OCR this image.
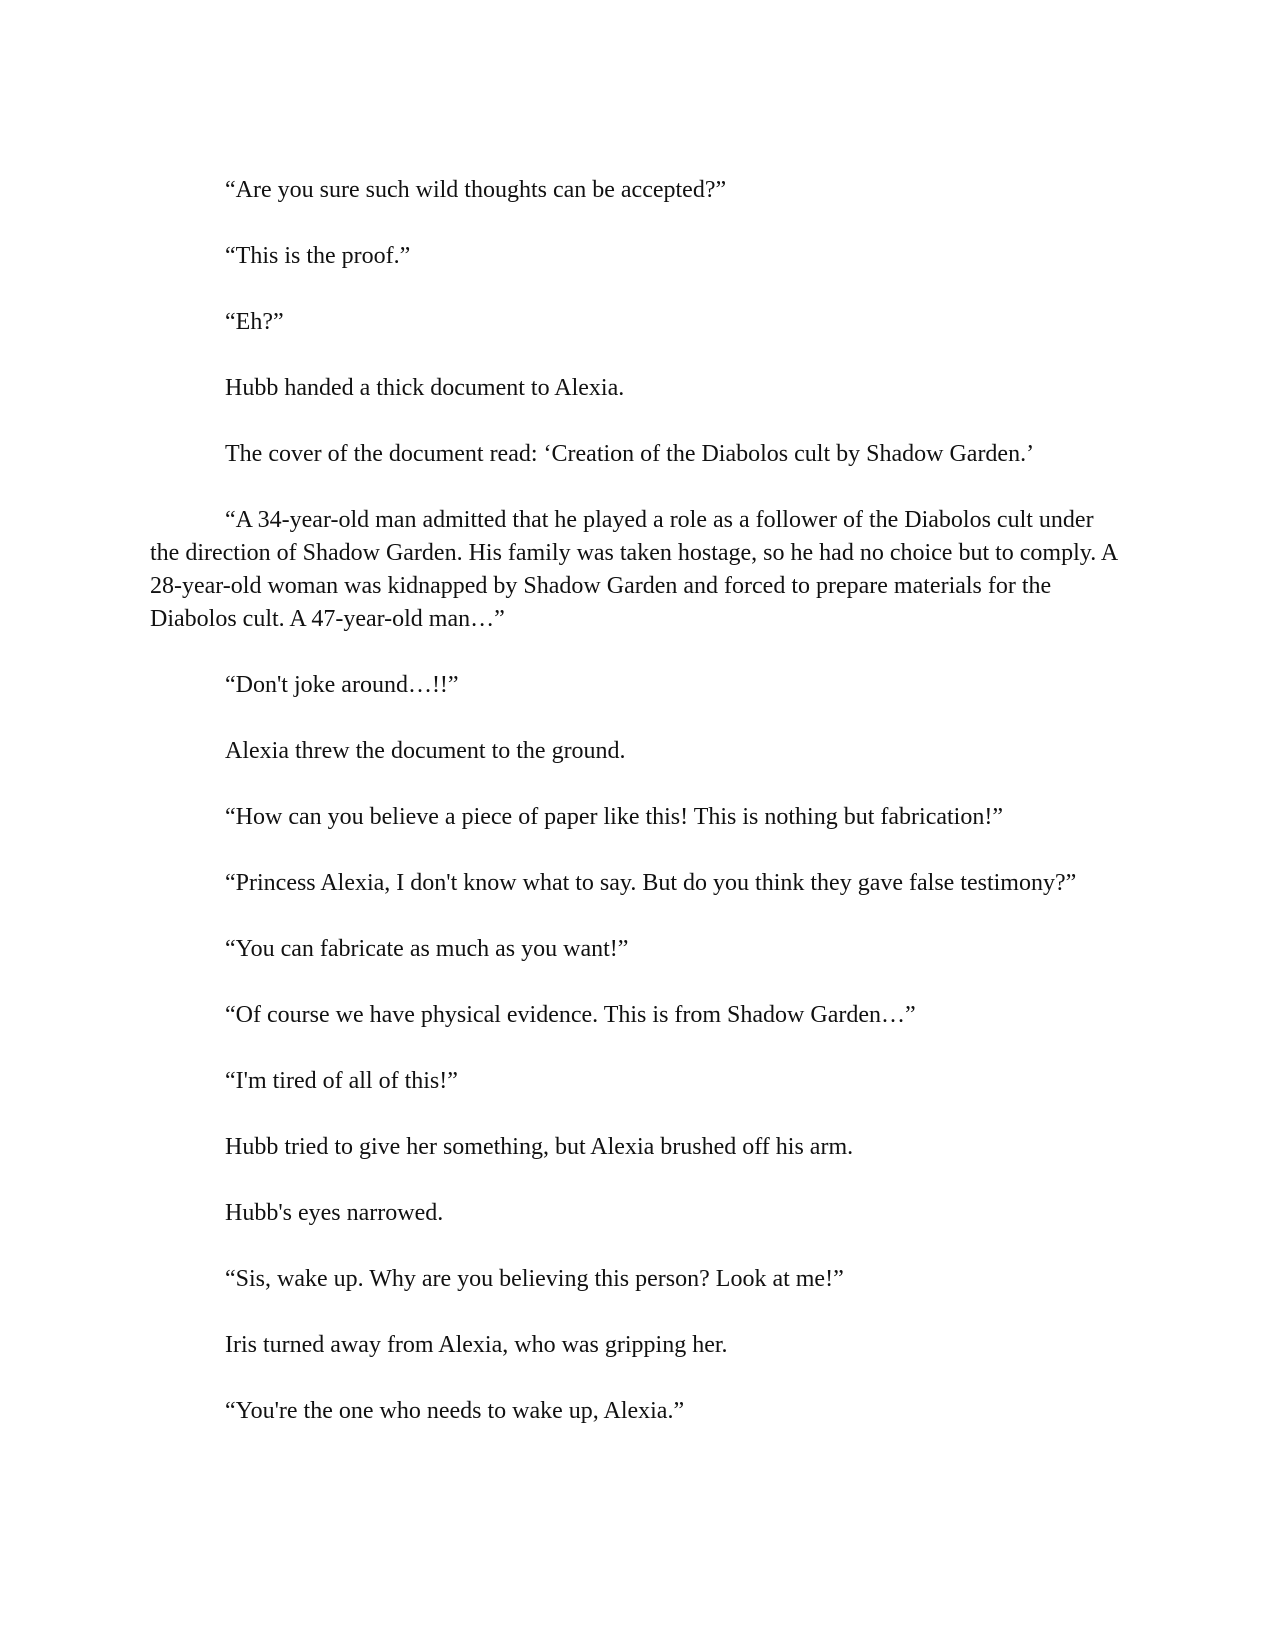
“Are you sure such wild thoughts can be accepted?”

“This is the proof.”

“Eh?”

Hubb handed a thick document to Alexia.

The cover of the document read: ‘Creation of the Diabolos cult by Shadow Garden.’

“A 34-year-old man admitted that he played a role as a follower of the Diabolos cult under the direction of Shadow Garden. His family was taken hostage, so he had no choice but to comply. A 28-year-old woman was kidnapped by Shadow Garden and forced to prepare materials for the Diabolos cult. A 47-year-old man…”

“Don't joke around…!!”

Alexia threw the document to the ground.

“How can you believe a piece of paper like this! This is nothing but fabrication!”

“Princess Alexia, I don't know what to say. But do you think they gave false testimony?”

“You can fabricate as much as you want!”

“Of course we have physical evidence. This is from Shadow Garden…”

“I'm tired of all of this!”

Hubb tried to give her something, but Alexia brushed off his arm.

Hubb's eyes narrowed.

“Sis, wake up. Why are you believing this person? Look at me!”

Iris turned away from Alexia, who was gripping her.

“You're the one who needs to wake up, Alexia.”
